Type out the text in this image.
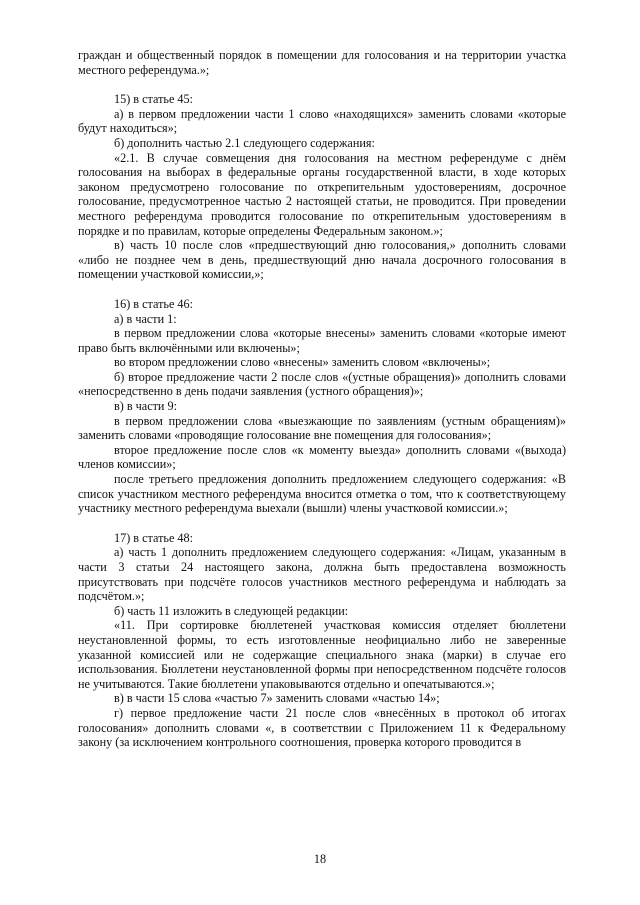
граждан и общественный порядок в помещении для голосования и на территории участка местного референдума.»;

15) в статье 45:

а) в первом предложении части 1 слово «находящихся» заменить словами «которые будут находиться»;

б) дополнить частью 2.1 следующего содержания:

«2.1. В случае совмещения дня голосования на местном референдуме с днём голосования на выборах в федеральные органы государственной власти, в ходе которых законом предусмотрено голосование по открепительным удостоверениям, досрочное голосование, предусмотренное частью 2 настоящей статьи, не проводится. При проведении местного референдума проводится голосование по открепительным удостоверениям в порядке и по правилам, которые определены Федеральным законом.»;

в) часть 10 после слов «предшествующий дню голосования,» дополнить словами «либо не позднее чем в день, предшествующий дню начала досрочного голосования в помещении участковой комиссии,»;

16) в статье 46:

а) в части 1:

в первом предложении слова «которые внесены» заменить словами «которые имеют право быть включёнными или включены»;

во втором предложении слово «внесены» заменить словом «включены»;

б) второе предложение части 2 после слов «(устные обращения)» дополнить словами «непосредственно в день подачи заявления (устного обращения)»;

в) в части 9:

в первом предложении слова «выезжающие по заявлениям (устным обращениям)» заменить словами «проводящие голосование вне помещения для голосования»;

второе предложение после слов «к моменту выезда» дополнить словами «(выхода) членов комиссии»;

после третьего предложения дополнить предложением следующего содержания: «В список участником местного референдума вносится отметка о том, что к соответствующему участнику местного референдума выехали (вышли) члены участковой комиссии.»;

17) в статье 48:

а) часть 1 дополнить предложением следующего содержания: «Лицам, указанным в части 3 статьи 24 настоящего закона, должна быть предоставлена возможность присутствовать при подсчёте голосов участников местного референдума и наблюдать за подсчётом.»;

б) часть 11 изложить в следующей редакции:

«11. При сортировке бюллетеней участковая комиссия отделяет бюллетени неустановленной формы, то есть изготовленные неофициально либо не заверенные указанной комиссией или не содержащие специального знака (марки) в случае его использования. Бюллетени неустановленной формы при непосредственном подсчёте голосов не учитываются. Такие бюллетени упаковываются отдельно и опечатываются.»;

в) в части 15 слова «частью 7» заменить словами «частью 14»;

г) первое предложение части 21 после слов «внесённых в протокол об итогах голосования» дополнить словами «, в соответствии с Приложением 11 к Федеральному закону (за исключением контрольного соотношения, проверка которого проводится в

18
